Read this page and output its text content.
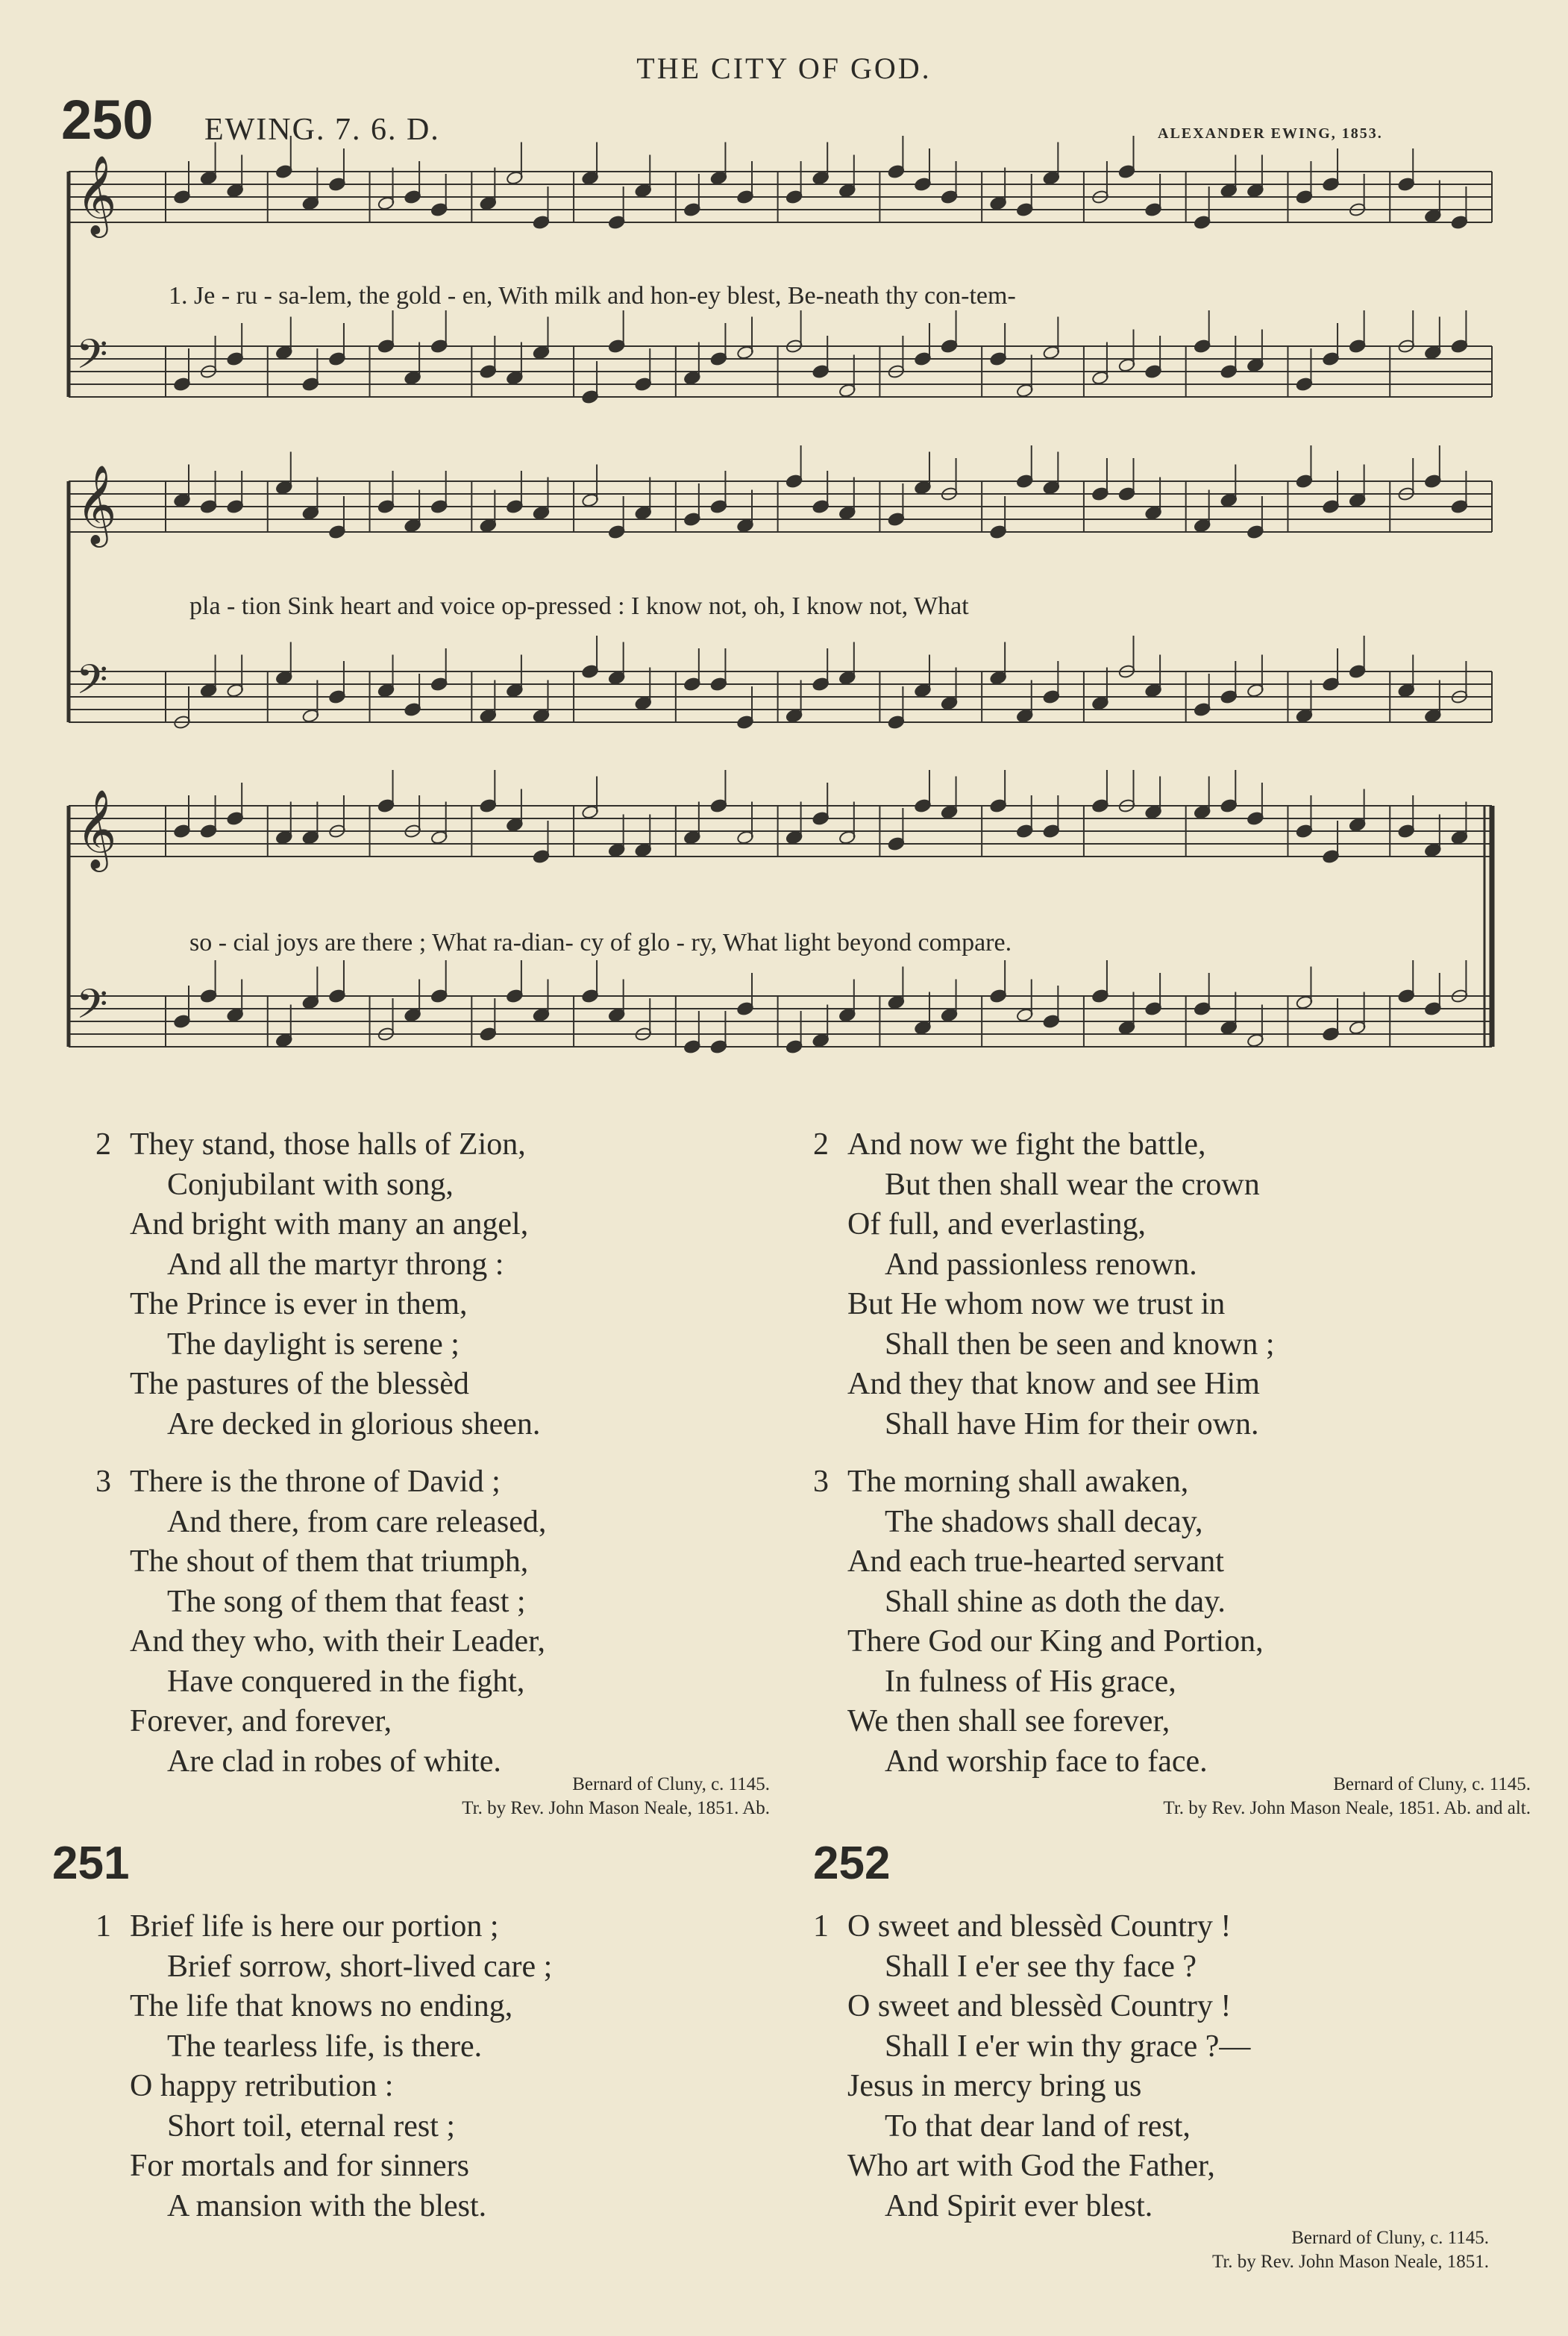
THE CITY OF GOD.
250 EWING. 7. 6. D.	ALEXANDER EWING, 1853.
𝄞
𝄢
𝄞
𝄢
𝄞
𝄢
1. Je - ru - sa-lem, the gold - en, With milk and hon-ey blest, Be-neath thy con-tem-
pla - tion Sink heart and voice op-pressed : I know not, oh, I know not, What
so - cial joys are there ; What ra-dian- cy of glo - ry, What light beyond compare.
2 They stand, those halls of Zion,
Conjubilant with song,
And bright with many an angel,
And all the martyr throng :
The Prince is ever in them,
The daylight is serene ;
The pastures of the blessèd
Are decked in glorious sheen.
3 There is the throne of David ;
And there, from care released,
The shout of them that triumph,
The song of them that feast ;
And they who, with their Leader,
Have conquered in the fight,
Forever, and forever,
Are clad in robes of white.
2 And now we fight the battle,
But then shall wear the crown
Of full, and everlasting,
And passionless renown.
But He whom now we trust in
Shall then be seen and known ;
And they that know and see Him
Shall have Him for their own.
3 The morning shall awaken,
The shadows shall decay,
And each true-hearted servant
Shall shine as doth the day.
There God our King and Portion,
In fulness of His grace,
We then shall see forever,
And worship face to face.
Bernard of Cluny, c. 1145.
Tr. by Rev. John Mason Neale, 1851. Ab.
Bernard of Cluny, c. 1145.
Tr. by Rev. John Mason Neale, 1851. Ab. and alt.
251	252
1 Brief life is here our portion ;
Brief sorrow, short-lived care ;
The life that knows no ending,
The tearless life, is there.
O happy retribution :
Short toil, eternal rest ;
For mortals and for sinners
A mansion with the blest.
1 O sweet and blessèd Country !
Shall I e'er see thy face ?
O sweet and blessèd Country !
Shall I e'er win thy grace ?—
Jesus in mercy bring us
To that dear land of rest,
Who art with God the Father,
And Spirit ever blest.
Bernard of Cluny, c. 1145.
Tr. by Rev. John Mason Neale, 1851.
